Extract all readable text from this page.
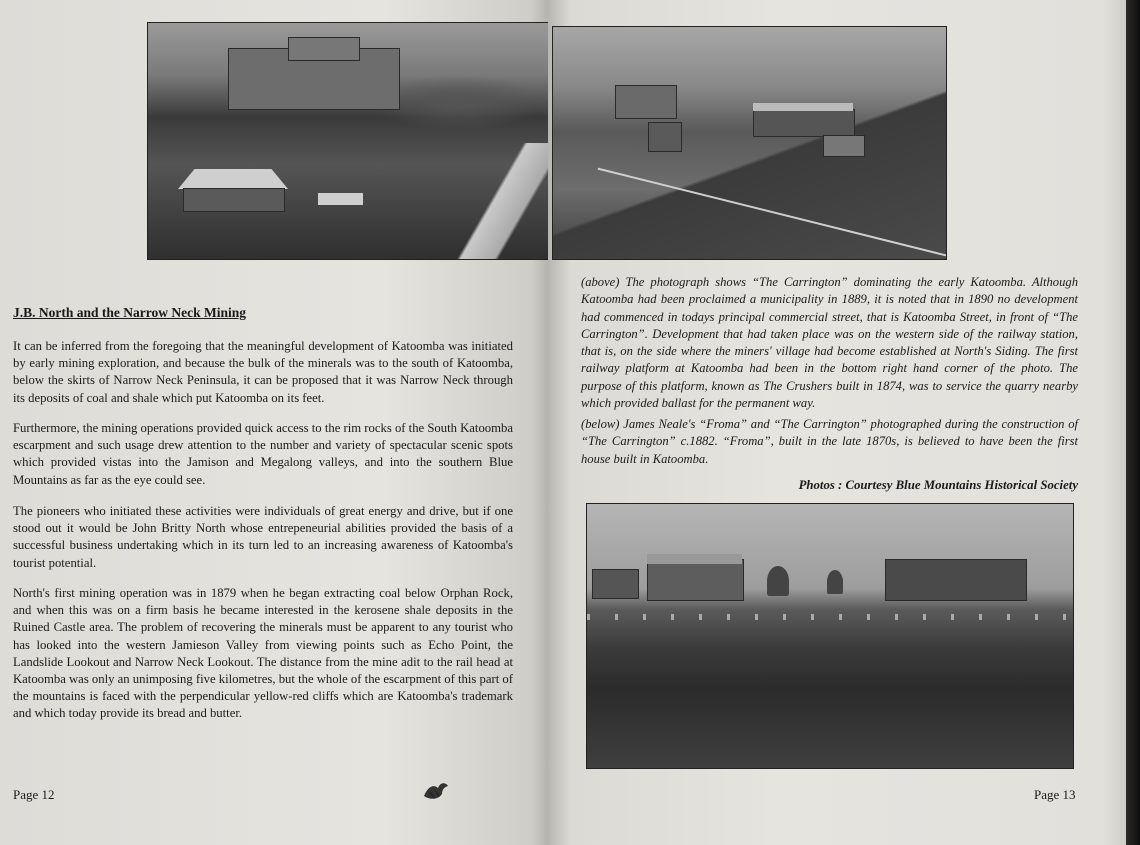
J.B. North and the Narrow Neck Mining
It can be inferred from the foregoing that the meaningful development of Katoomba was initiated by early mining exploration, and because the bulk of the minerals was to the south of Katoomba, below the skirts of Narrow Neck Peninsula, it can be proposed that it was Narrow Neck through its deposits of coal and shale which put Katoomba on its feet.
Furthermore, the mining operations provided quick access to the rim rocks of the South Katoomba escarpment and such usage drew attention to the number and variety of spectacular scenic spots which provided vistas into the Jamison and Megalong valleys, and into the southern Blue Mountains as far as the eye could see.
The pioneers who initiated these activities were individuals of great energy and drive, but if one stood out it would be John Britty North whose entrepeneurial abilities provided the basis of a successful business undertaking which in its turn led to an increasing awareness of Katoomba's tourist potential.
North's first mining operation was in 1879 when he began extracting coal below Orphan Rock, and when this was on a firm basis he became interested in the kerosene shale deposits in the Ruined Castle area. The problem of recovering the minerals must be apparent to any tourist who has looked into the western Jamieson Valley from viewing points such as Echo Point, the Landslide Lookout and Narrow Neck Lookout. The distance from the mine adit to the rail head at Katoomba was only an unimposing five kilometres, but the whole of the escarpment of this part of the mountains is faced with the perpendicular yellow-red cliffs which are Katoomba's trademark and which today provide its bread and butter.
Page 12
(above) The photograph shows “The Carrington” dominating the early Katoomba. Although Katoomba had been proclaimed a municipality in 1889, it is noted that in 1890 no development had commenced in todays principal commercial street, that is Katoomba Street, in front of “The Carrington”. Development that had taken place was on the western side of the railway station, that is, on the side where the miners' village had become established at North's Siding. The first railway platform at Katoomba had been in the bottom right hand corner of the photo. The purpose of this platform, known as The Crushers built in 1874, was to service the quarry nearby which provided ballast for the permanent way.
(below) James Neale's “Froma” and “The Carrington” photographed during the construction of “The Carrington” c.1882. “Froma”, built in the late 1870s, is believed to have been the first house built in Katoomba.
Photos : Courtesy Blue Mountains Historical Society
Page 13
